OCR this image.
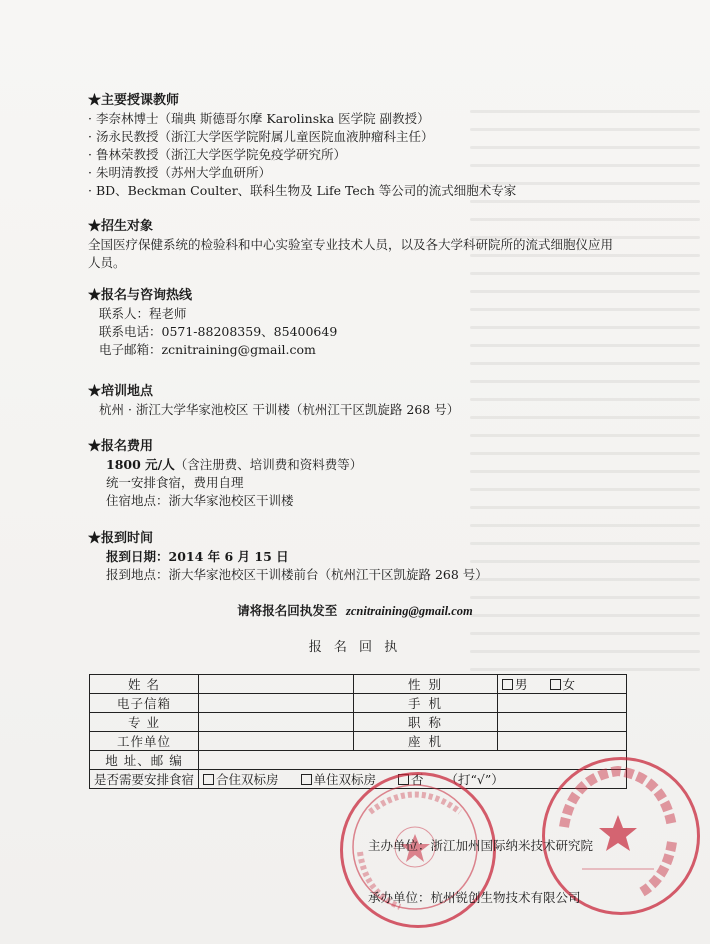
★主要授课教师
· 李奈林博士（瑞典 斯德哥尔摩 Karolinska 医学院 副教授）
· 汤永民教授（浙江大学医学院附属儿童医院血液肿瘤科主任）
· 鲁林荣教授（浙江大学医学院免疫学研究所）
· 朱明清教授（苏州大学血研所）
· BD、Beckman Coulter、联科生物及 Life Tech 等公司的流式细胞术专家
★招生对象
全国医疗保健系统的检验科和中心实验室专业技术人员，以及各大学科研院所的流式细胞仪应用人员。
★报名与咨询热线
联系人：程老师
联系电话：0571-88208359、85400649
电子邮箱：zcnitraining@gmail.com
★培训地点
杭州 · 浙江大学华家池校区 干训楼（杭州江干区凯旋路 268 号）
★报名费用
1800 元/人（含注册费、培训费和资料费等）
统一安排食宿，费用自理
住宿地点：浙大华家池校区干训楼
★报到时间
报到日期：2014 年 6 月 15 日
报到地点：浙大华家池校区干训楼前台（杭州江干区凯旋路 268 号）
请将报名回执发至 zcnitraining@gmail.com
报 名 回 执
姓 名		性 别	男 女
电子信箱		手 机	
专 业		职 称	
工作单位		座 机	
地 址、邮 编			
是否需要安排食宿	合住双标房 单住双标房 否 （打“√”）		
主办单位：浙江加州国际纳米技术研究院
承办单位：杭州锐创生物技术有限公司
